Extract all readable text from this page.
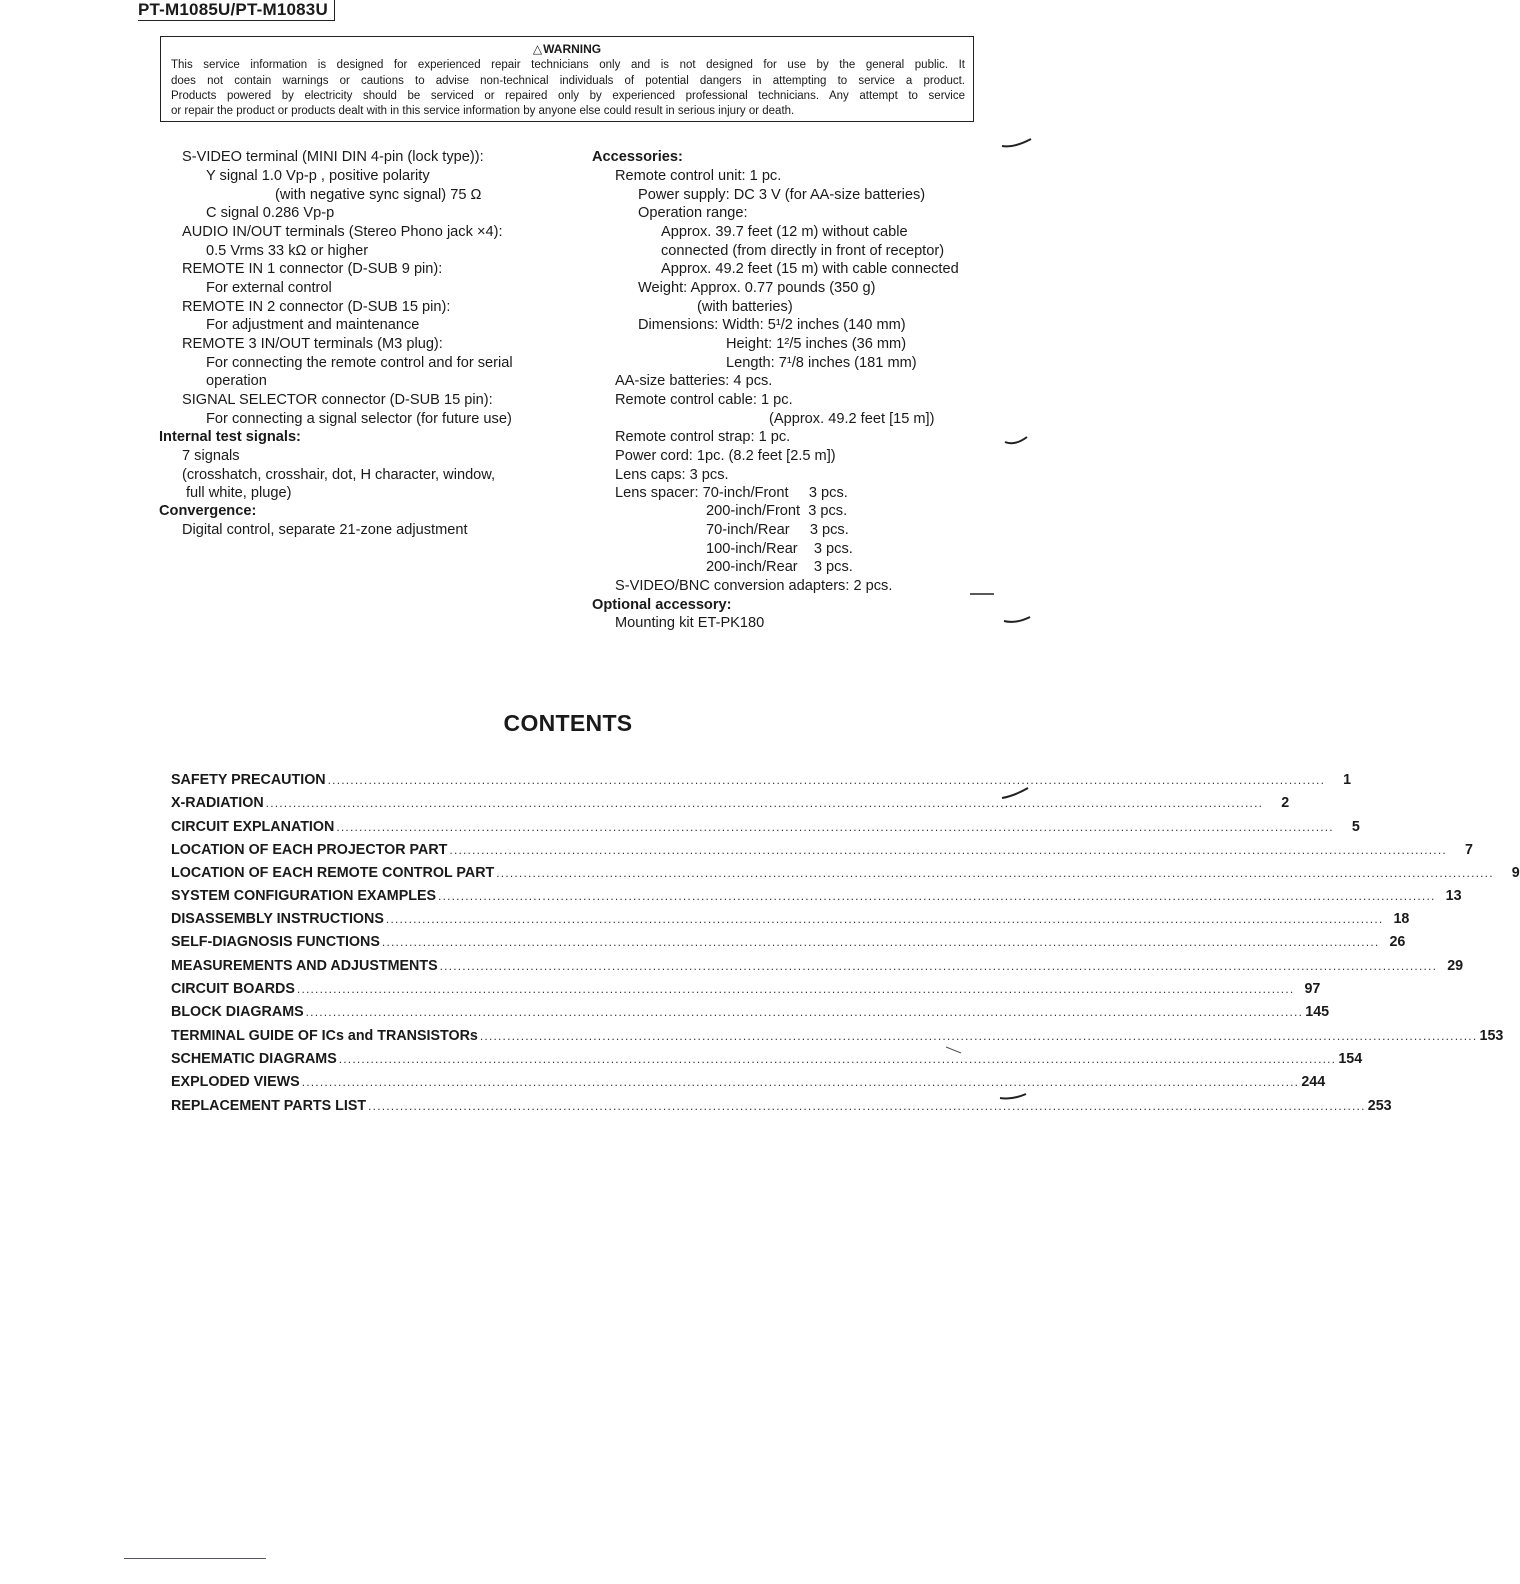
PT-M1085U/PT-M1083U
△WARNING
This service information is designed for experienced repair technicians only and is not designed for use by the general public. It
does not contain warnings or cautions to advise non-technical individuals of potential dangers in attempting to service a product.
Products powered by electricity should be serviced or repaired only by experienced professional technicians. Any attempt to service
or repair the product or products dealt with in this service information by anyone else could result in serious injury or death.
S-VIDEO terminal (MINI DIN 4-pin (lock type)):
Y signal 1.0 Vp-p , positive polarity
(with negative sync signal) 75 Ω
C signal 0.286 Vp-p
AUDIO IN/OUT terminals (Stereo Phono jack ×4):
0.5 Vrms 33 kΩ or higher
REMOTE IN 1 connector (D-SUB 9 pin):
For external control
REMOTE IN 2 connector (D-SUB 15 pin):
For adjustment and maintenance
REMOTE 3 IN/OUT terminals (M3 plug):
For connecting the remote control and for serial
operation
SIGNAL SELECTOR connector (D-SUB 15 pin):
For connecting a signal selector (for future use)
Internal test signals:
7 signals
(crosshatch, crosshair, dot, H character, window,
full white, pluge)
Convergence:
Digital control, separate 21-zone adjustment
Accessories:
Remote control unit: 1 pc.
Power supply: DC 3 V (for AA-size batteries)
Operation range:
Approx. 39.7 feet (12 m) without cable
connected (from directly in front of receptor)
Approx. 49.2 feet (15 m) with cable connected
Weight: Approx. 0.77 pounds (350 g)
(with batteries)
Dimensions: Width: 5¹/2 inches (140 mm)
Height: 1²/5 inches (36 mm)
Length: 7¹/8 inches (181 mm)
AA-size batteries: 4 pcs.
Remote control cable: 1 pc.
(Approx. 49.2 feet [15 m])
Remote control strap: 1 pc.
Power cord: 1pc. (8.2 feet [2.5 m])
Lens caps: 3 pcs.
Lens spacer: 70-inch/Front     3 pcs.
200-inch/Front  3 pcs.
70-inch/Rear     3 pcs.
100-inch/Rear    3 pcs.
200-inch/Rear    3 pcs.
S-VIDEO/BNC conversion adapters: 2 pcs.
Optional accessory:
Mounting kit ET-PK180
CONTENTS
SAFETY PRECAUTION ............................................................................................................................................................................................................................	1
X-RADIATION ............................................................................................................................................................................................................................	2
CIRCUIT EXPLANATION ............................................................................................................................................................................................................................	5
LOCATION OF EACH PROJECTOR PART ............................................................................................................................................................................................................................	7
LOCATION OF EACH REMOTE CONTROL PART ............................................................................................................................................................................................................................	9
SYSTEM CONFIGURATION EXAMPLES ............................................................................................................................................................................................................................ 13
DISASSEMBLY INSTRUCTIONS ............................................................................................................................................................................................................................ 18
SELF-DIAGNOSIS FUNCTIONS ............................................................................................................................................................................................................................ 26
MEASUREMENTS AND ADJUSTMENTS ............................................................................................................................................................................................................................ 29
CIRCUIT BOARDS ............................................................................................................................................................................................................................ 97
BLOCK DIAGRAMS ............................................................................................................................................................................................................................ 145
TERMINAL GUIDE OF ICs and TRANSISTORs ............................................................................................................................................................................................................................ 153
SCHEMATIC DIAGRAMS ............................................................................................................................................................................................................................ 154
EXPLODED VIEWS ............................................................................................................................................................................................................................ 244
REPLACEMENT PARTS LIST ............................................................................................................................................................................................................................ 253
